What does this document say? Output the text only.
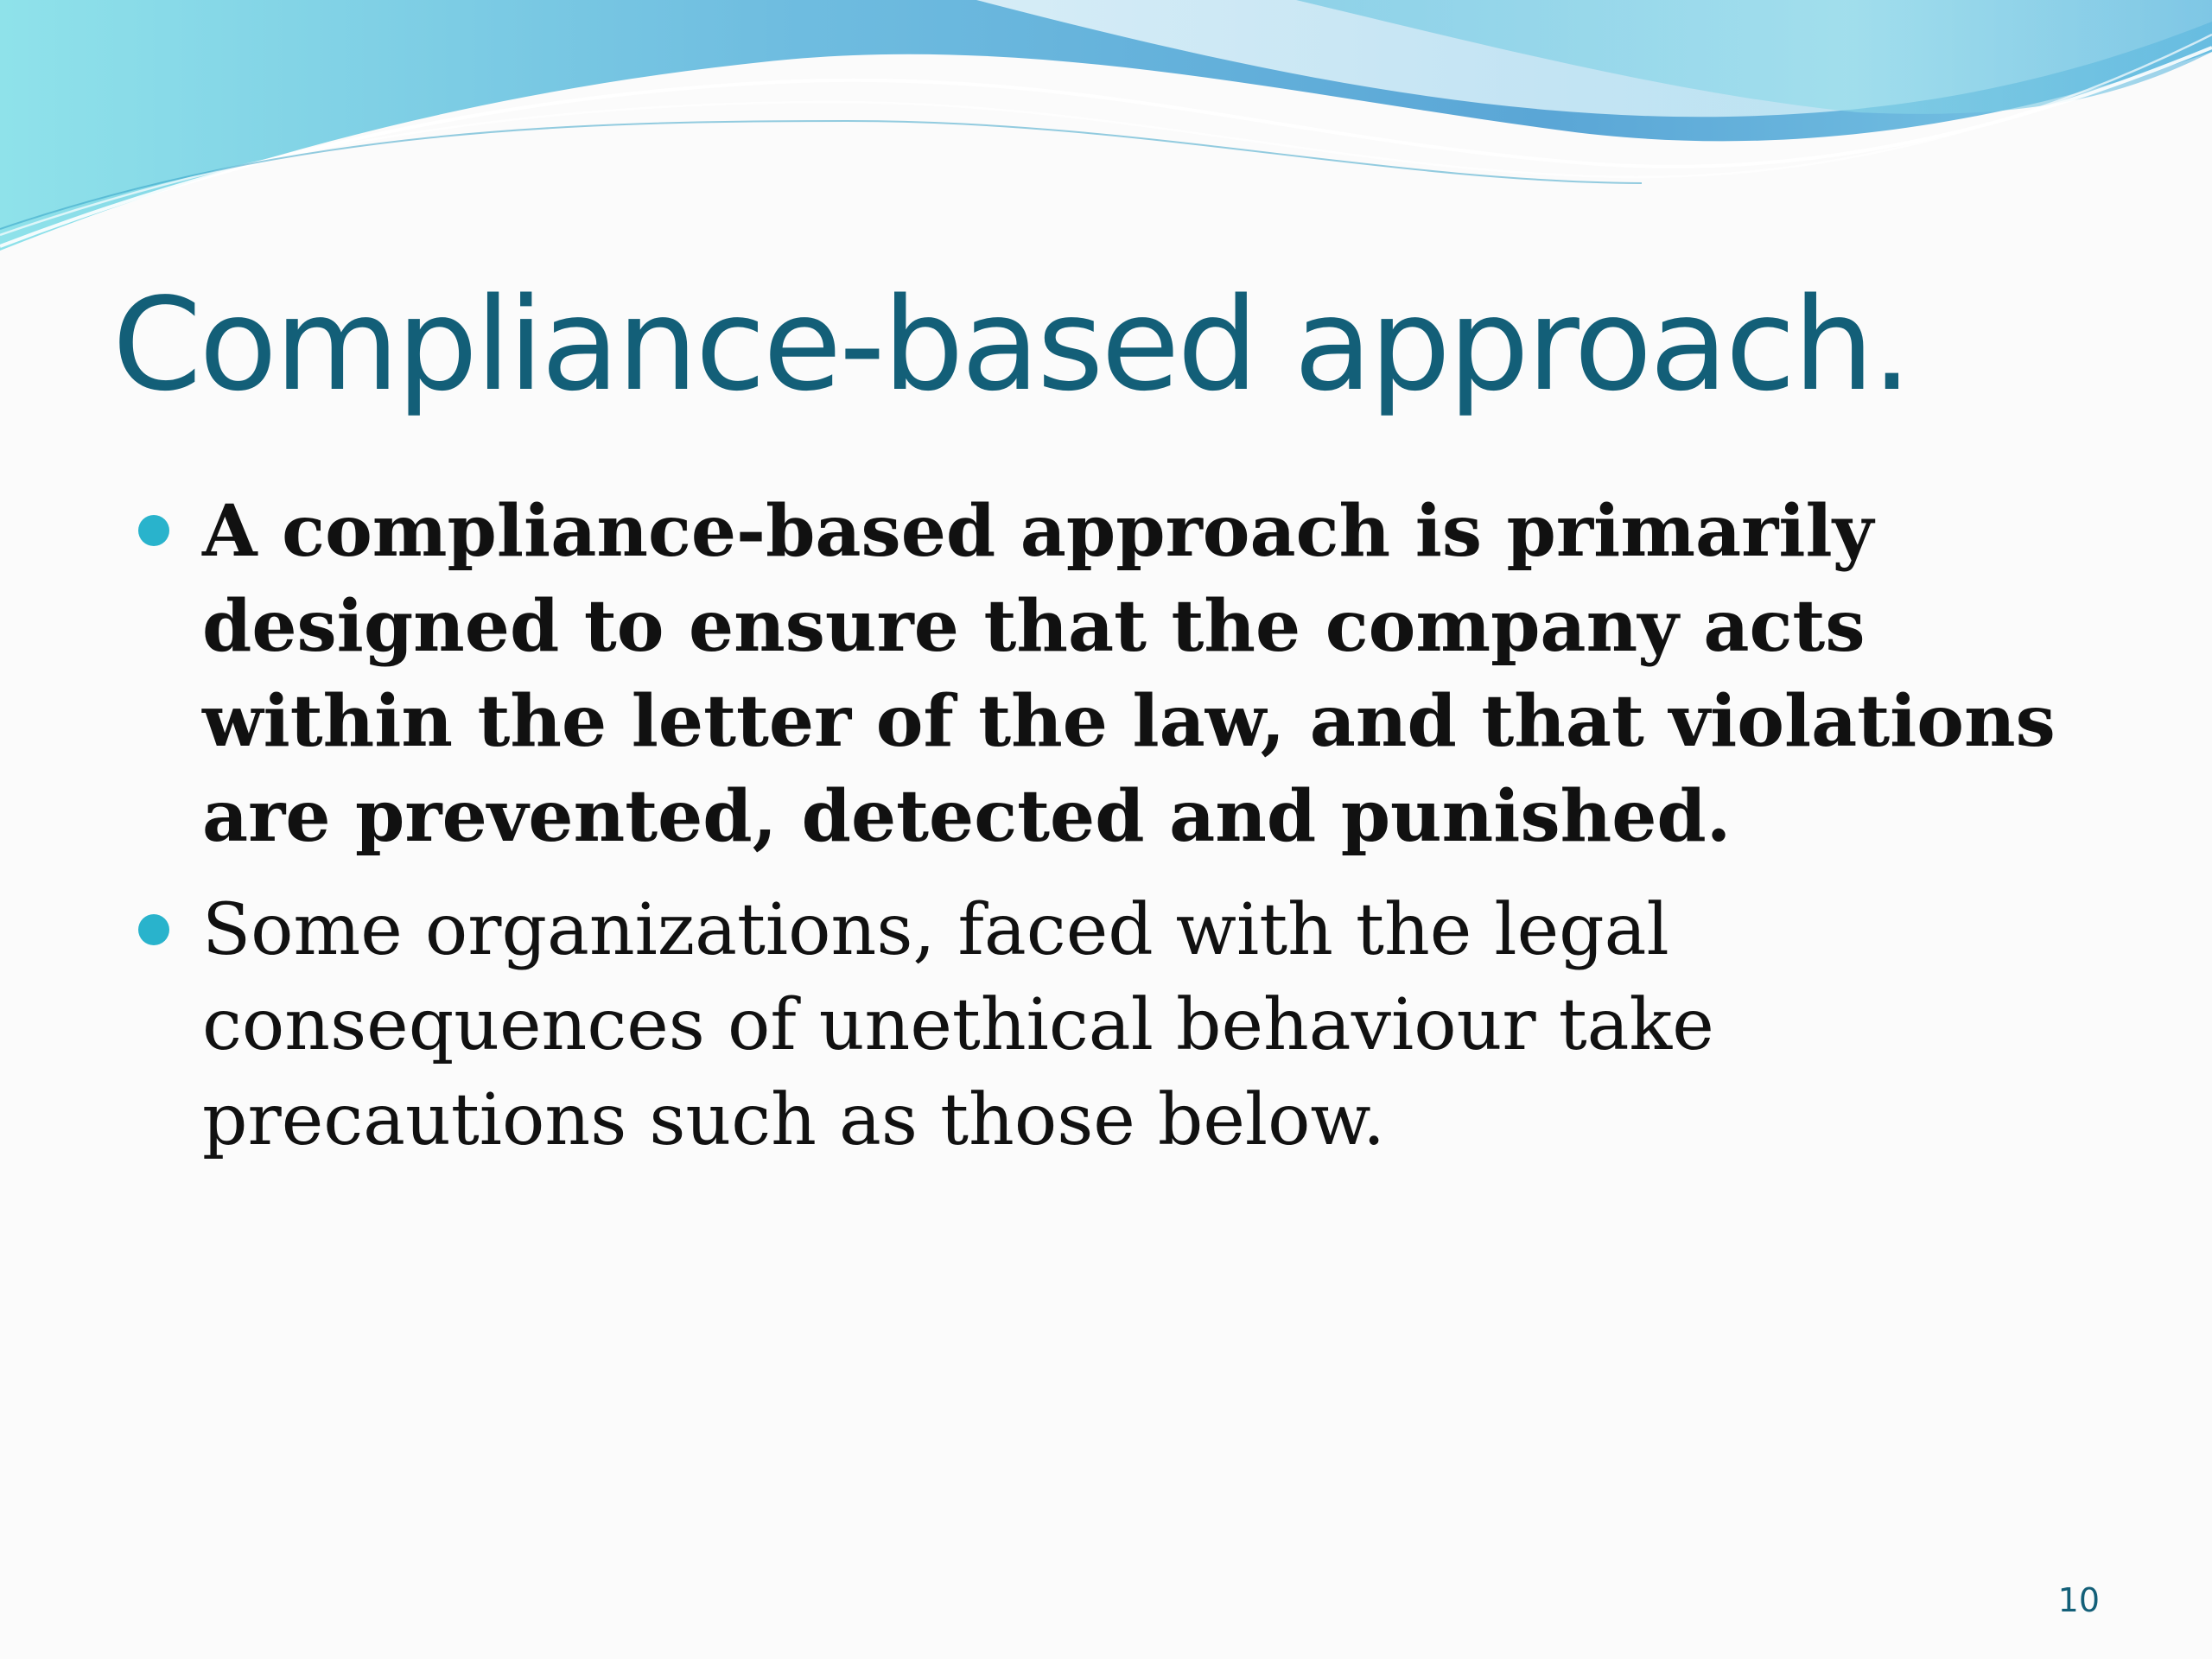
Compliance-based approach.
A compliance-based approach is primarily designed to ensure that the company acts within the letter of the law, and that violations are prevented, detected and punished.
Some organizations, faced with the legal consequences of unethical behaviour take precautions such as those below.
10
